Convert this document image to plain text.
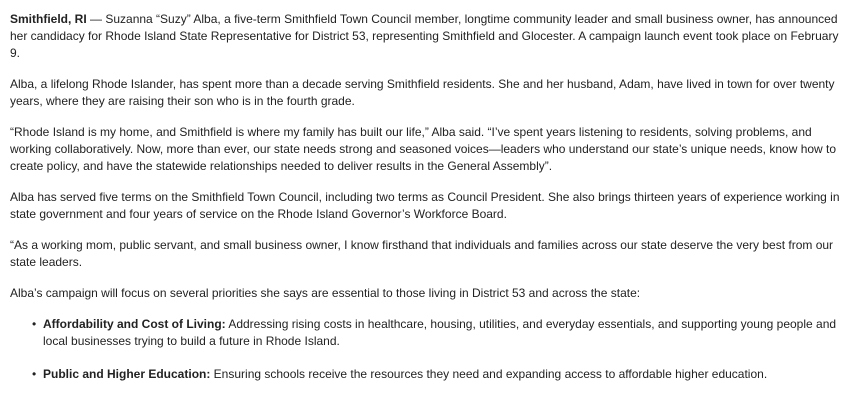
Smithfield, RI — Suzanna “Suzy” Alba, a five-term Smithfield Town Council member, longtime community leader and small business owner, has announced her candidacy for Rhode Island State Representative for District 53, representing Smithfield and Glocester. A campaign launch event took place on February 9.

Alba, a lifelong Rhode Islander, has spent more than a decade serving Smithfield residents. She and her husband, Adam, have lived in town for over twenty years, where they are raising their son who is in the fourth grade.

“Rhode Island is my home, and Smithfield is where my family has built our life,” Alba said. “I’ve spent years listening to residents, solving problems, and working collaboratively. Now, more than ever, our state needs strong and seasoned voices—leaders who understand our state’s unique needs, know how to create policy, and have the statewide relationships needed to deliver results in the General Assembly”.

Alba has served five terms on the Smithfield Town Council, including two terms as Council President. She also brings thirteen years of experience working in state government and four years of service on the Rhode Island Governor’s Workforce Board.

“As a working mom, public servant, and small business owner, I know firsthand that individuals and families across our state deserve the very best from our state leaders.

Alba’s campaign will focus on several priorities she says are essential to those living in District 53 and across the state:

• Affordability and Cost of Living: Addressing rising costs in healthcare, housing, utilities, and everyday essentials, and supporting young people and local businesses trying to build a future in Rhode Island.
• Public and Higher Education: Ensuring schools receive the resources they need and expanding access to affordable higher education.
